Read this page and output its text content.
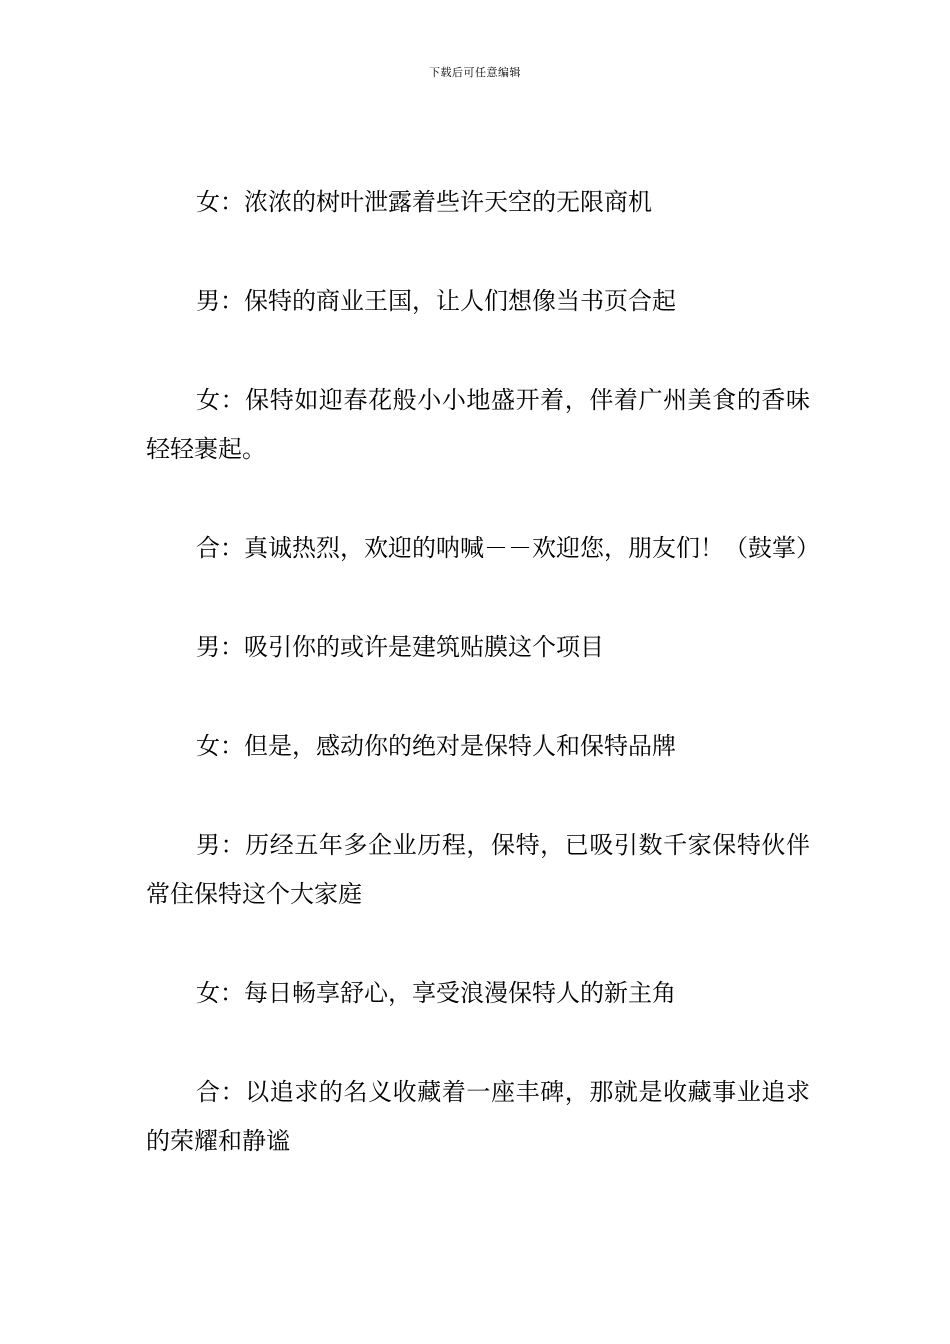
下载后可任意编辑

女：浓浓的树叶泄露着些许天空的无限商机

男：保特的商业王国，让人们想像当书页合起

女：保特如迎春花般小小地盛开着，伴着广州美食的香味轻轻裹起。

合：真诚热烈，欢迎的呐喊－－欢迎您，朋友们！（鼓掌）

男：吸引你的或许是建筑贴膜这个项目

女：但是，感动你的绝对是保特人和保特品牌

男：历经五年多企业历程，保特，已吸引数千家保特伙伴常住保特这个大家庭

女：每日畅享舒心，享受浪漫保特人的新主角

合：以追求的名义收藏着一座丰碑，那就是收藏事业追求的荣耀和静谧
